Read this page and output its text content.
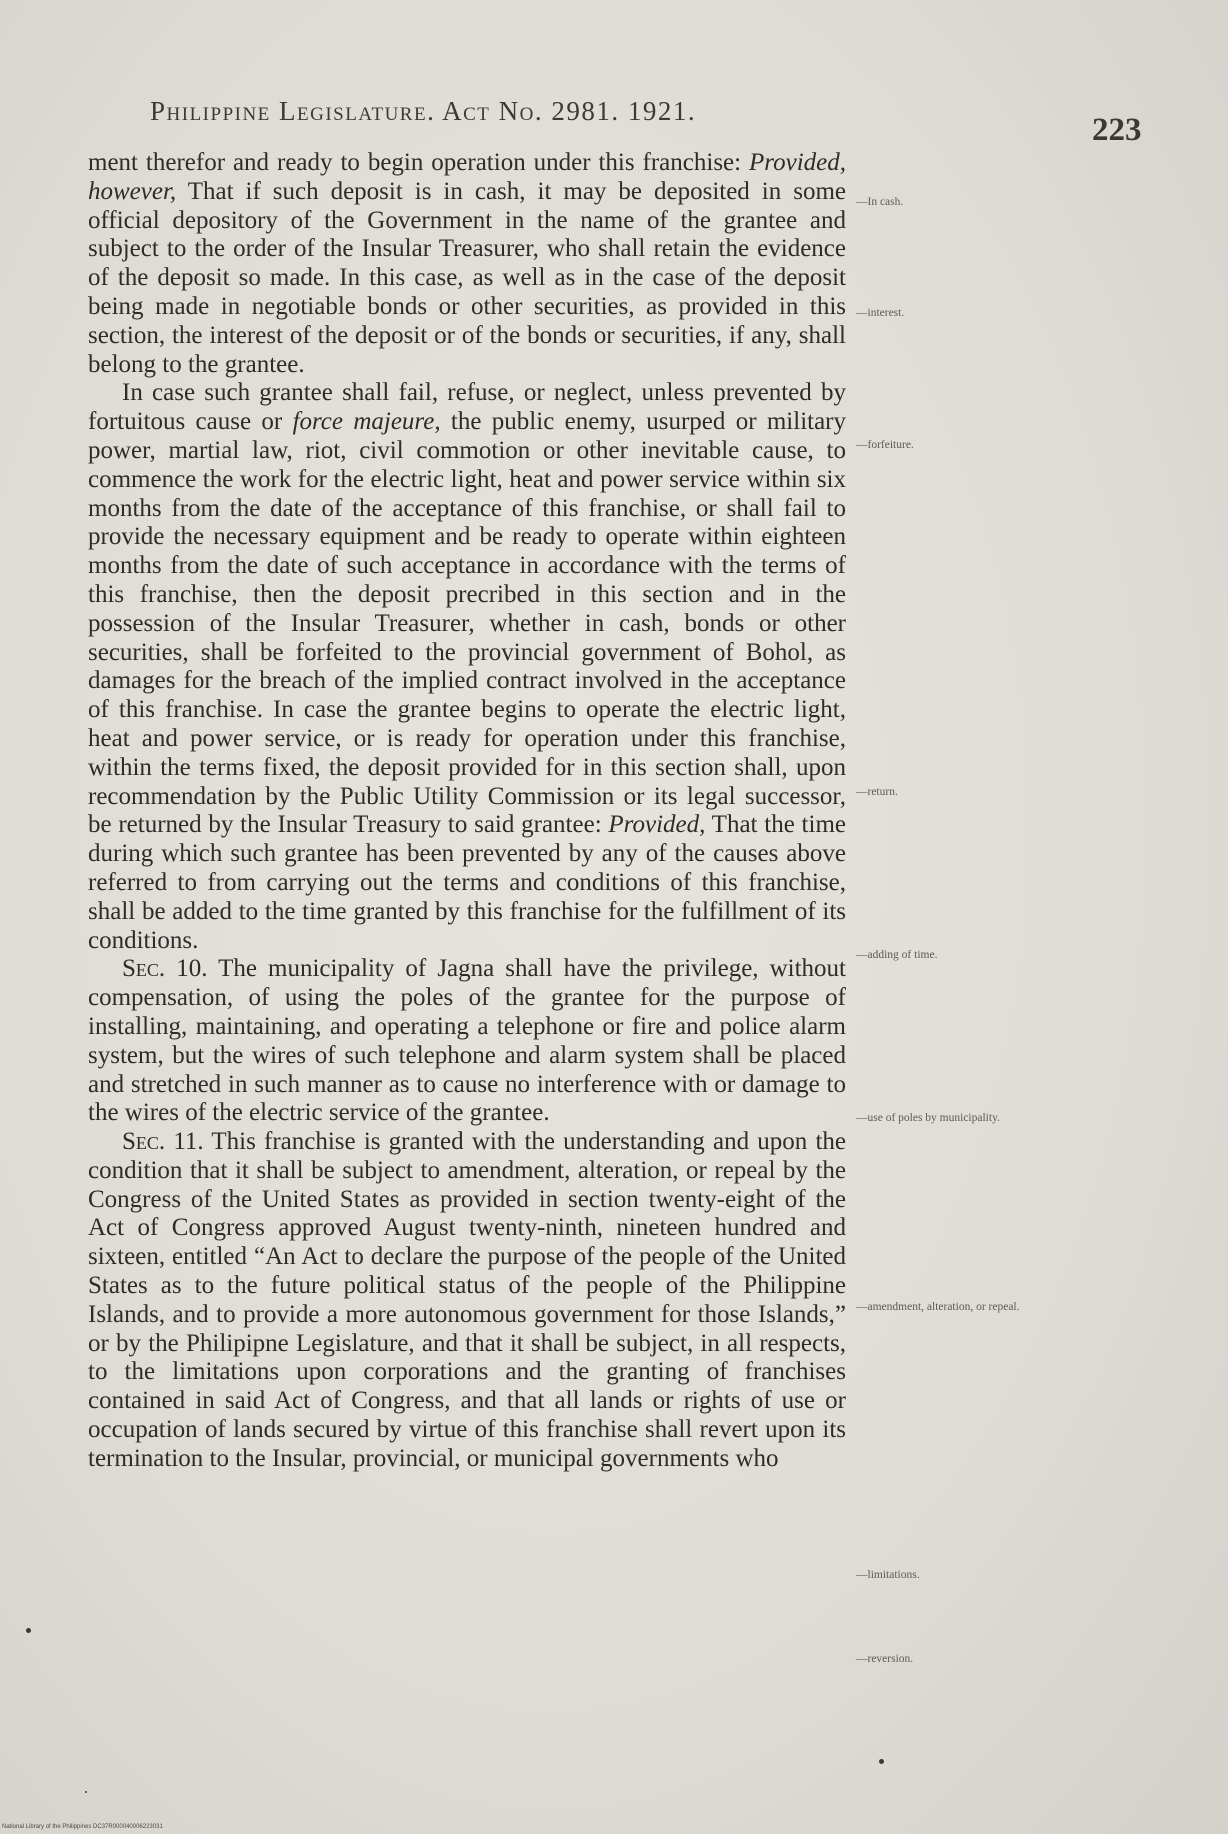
Philippine Legislature. Act No. 2981. 1921.
223

ment therefor and ready to begin operation under this franchise: Provided, however, That if such deposit is in cash, it may be deposited in some official depository of the Government in the name of the grantee and subject to the order of the Insular Treasurer, who shall retain the evidence of the deposit so made. In this case, as well as in the case of the deposit being made in negotiable bonds or other securities, as provided in this section, the interest of the deposit or of the bonds or securities, if any, shall belong to the grantee.

In case such grantee shall fail, refuse, or neglect, unless prevented by fortuitous cause or force majeure, the public enemy, usurped or military power, martial law, riot, civil commotion or other inevitable cause, to commence the work for the electric light, heat and power service within six months from the date of the acceptance of this franchise, or shall fail to provide the necessary equipment and be ready to operate within eighteen months from the date of such acceptance in accordance with the terms of this franchise, then the deposit precribed in this section and in the possession of the Insular Treasurer, whether in cash, bonds or other securities, shall be forfeited to the provincial government of Bohol, as damages for the breach of the implied contract involved in the acceptance of this franchise. In case the grantee begins to operate the electric light, heat and power service, or is ready for operation under this franchise, within the terms fixed, the deposit provided for in this section shall, upon recommendation by the Public Utility Commission or its legal successor, be returned by the Insular Treasury to said grantee: Provided, That the time during which such grantee has been prevented by any of the causes above referred to from carrying out the terms and conditions of this franchise, shall be added to the time granted by this franchise for the fulfillment of its conditions.

Sec. 10. The municipality of Jagna shall have the privilege, without compensation, of using the poles of the grantee for the purpose of installing, maintaining, and operating a telephone or fire and police alarm system, but the wires of such telephone and alarm system shall be placed and stretched in such manner as to cause no interference with or damage to the wires of the electric service of the grantee.

Sec. 11. This franchise is granted with the understanding and upon the condition that it shall be subject to amendment, alteration, or repeal by the Congress of the United States as provided in section twenty-eight of the Act of Congress approved August twenty-ninth, nineteen hundred and sixteen, entitled “An Act to declare the purpose of the people of the United States as to the future political status of the people of the Philippine Islands, and to provide a more autonomous government for those Islands,” or by the Philipipne Legislature, and that it shall be subject, in all respects, to the limitations upon corporations and the granting of franchises contained in said Act of Congress, and that all lands or rights of use or occupation of lands secured by virtue of this franchise shall revert upon its termination to the Insular, provincial, or municipal governments who

—In cash.
—interest.
—forfeiture.
—return.
—adding of time.
—use of poles by municipality.
—amendment, alteration, or repeal.
—limitations.
—reversion.
National Library of the Philippines DC37R000040006223031
